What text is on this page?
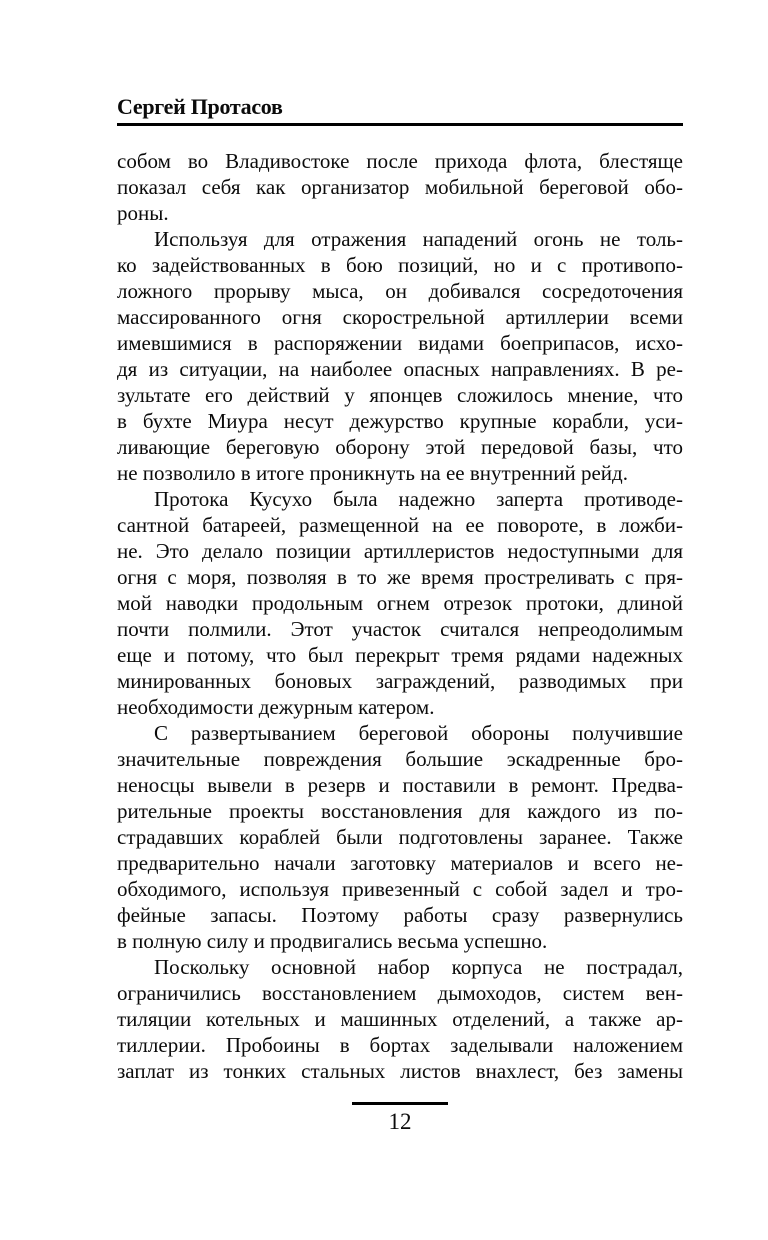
Сергей Протасов
собом во Владивостоке после прихода флота, блестяще
показал себя как организатор мобильной береговой обо-
роны.
Используя для отражения нападений огонь не толь-
ко задействованных в бою позиций, но и с противопо-
ложного прорыву мыса, он добивался сосредоточения
массированного огня скорострельной артиллерии всеми
имевшимися в распоряжении видами боеприпасов, исхо-
дя из ситуации, на наиболее опасных направлениях. В ре-
зультате его действий у японцев сложилось мнение, что
в бухте Миура несут дежурство крупные корабли, уси-
ливающие береговую оборону этой передовой базы, что
не позволило в итоге проникнуть на ее внутренний рейд.
Протока Кусухо была надежно заперта противоде-
сантной батареей, размещенной на ее повороте, в ложби-
не. Это делало позиции артиллеристов недоступными для
огня с моря, позволяя в то же время простреливать с пря-
мой наводки продольным огнем отрезок протоки, длиной
почти полмили. Этот участок считался непреодолимым
еще и потому, что был перекрыт тремя рядами надежных
минированных боновых заграждений, разводимых при
необходимости дежурным катером.
С развертыванием береговой обороны получившие
значительные повреждения большие эскадренные бро-
неносцы вывели в резерв и поставили в ремонт. Предва-
рительные проекты восстановления для каждого из по-
страдавших кораблей были подготовлены заранее. Также
предварительно начали заготовку материалов и всего не-
обходимого, используя привезенный с собой задел и тро-
фейные запасы. Поэтому работы сразу развернулись
в полную силу и продвигались весьма успешно.
Поскольку основной набор корпуса не пострадал,
ограничились восстановлением дымоходов, систем вен-
тиляции котельных и машинных отделений, а также ар-
тиллерии. Пробоины в бортах заделывали наложением
заплат из тонких стальных листов внахлест, без замены
12
